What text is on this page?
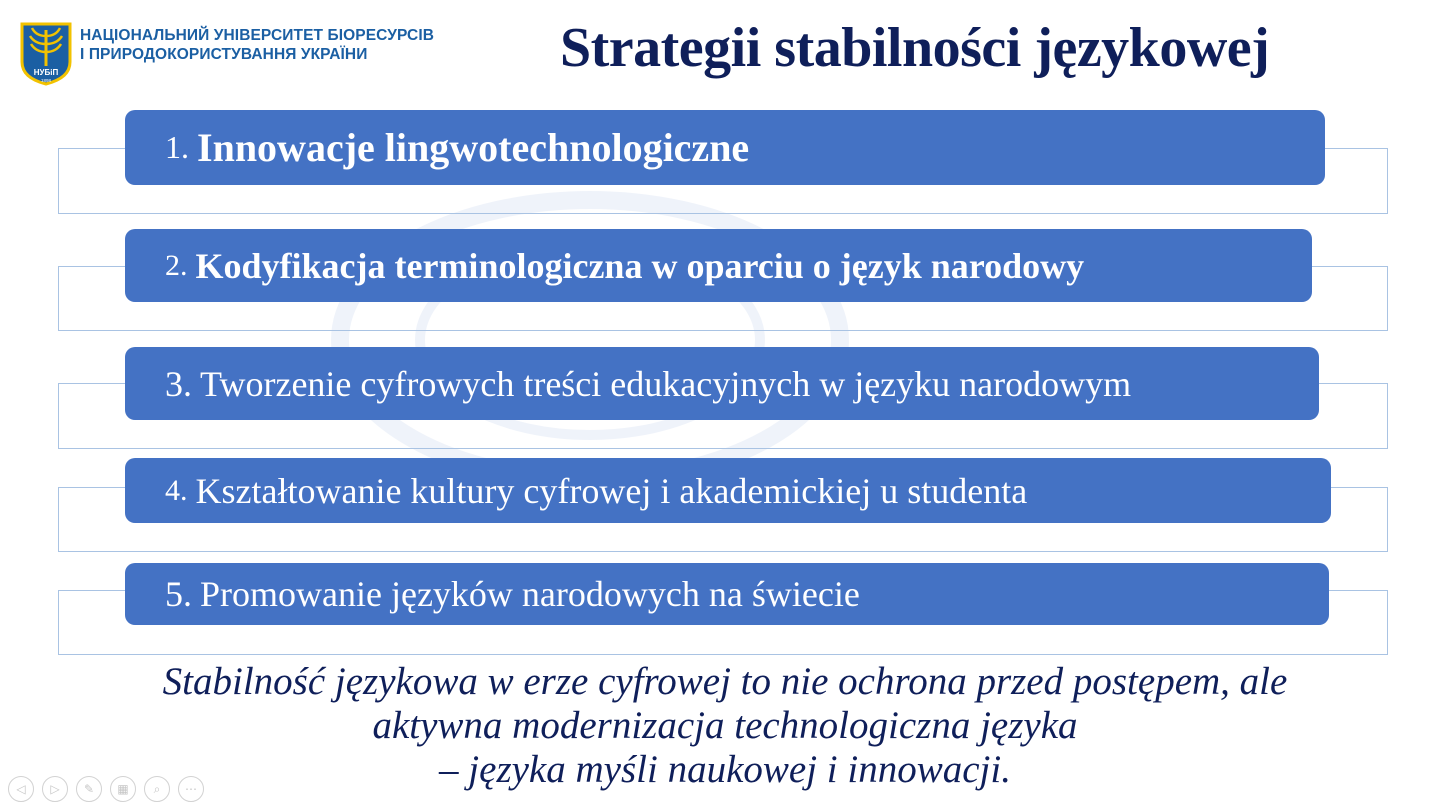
НУБіП
1898
НАЦІОНАЛЬНИЙ УНІВЕРСИТЕТ БІОРЕСУРСІВ
І ПРИРОДОКОРИСТУВАННЯ УКРАЇНИ	Strategii stabilności językowej
1. Innowacje lingwotechnologiczne
2. Kodyfikacja terminologiczna w oparciu o język narodowy
3. Tworzenie cyfrowych treści edukacyjnych w języku narodowym
4. Kształtowanie kultury cyfrowej i akademickiej u studenta
5. Promowanie języków narodowych na świecie
Stabilność językowa w erze cyfrowej to nie ochrona przed postępem, ale
aktywna modernizacja technologiczna języka
– języka myśli naukowej i innowacji.
◁	▷	✎	▦	⌕	⋯
